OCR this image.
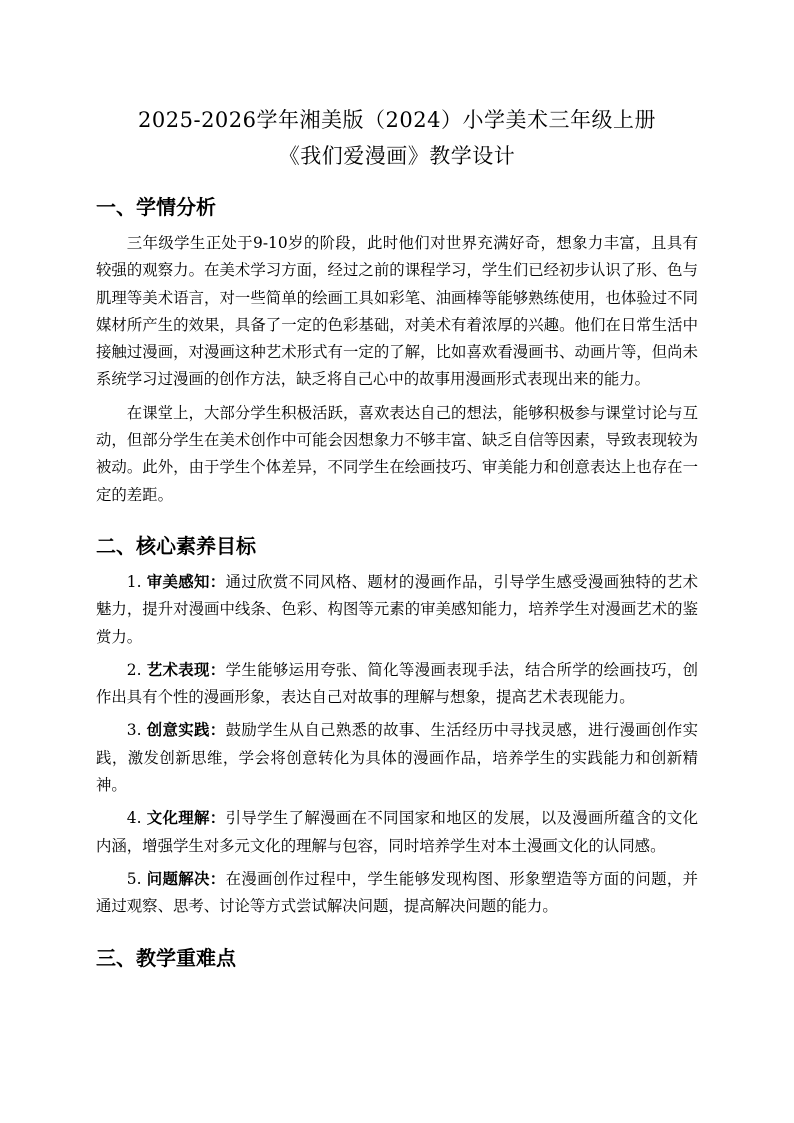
2025-2026学年湘美版（2024）小学美术三年级上册
《我们爱漫画》教学设计
一、学情分析

三年级学生正处于9-10岁的阶段，此时他们对世界充满好奇，想象力丰富，且具有较强的观察力。在美术学习方面，经过之前的课程学习，学生们已经初步认识了形、色与肌理等美术语言，对一些简单的绘画工具如彩笔、油画棒等能够熟练使用，也体验过不同媒材所产生的效果，具备了一定的色彩基础，对美术有着浓厚的兴趣。他们在日常生活中接触过漫画，对漫画这种艺术形式有一定的了解，比如喜欢看漫画书、动画片等，但尚未系统学习过漫画的创作方法，缺乏将自己心中的故事用漫画形式表现出来的能力。

在课堂上，大部分学生积极活跃，喜欢表达自己的想法，能够积极参与课堂讨论与互动，但部分学生在美术创作中可能会因想象力不够丰富、缺乏自信等因素，导致表现较为被动。此外，由于学生个体差异，不同学生在绘画技巧、审美能力和创意表达上也存在一定的差距。

二、核心素养目标

1. 审美感知：通过欣赏不同风格、题材的漫画作品，引导学生感受漫画独特的艺术魅力，提升对漫画中线条、色彩、构图等元素的审美感知能力，培养学生对漫画艺术的鉴赏力。

2. 艺术表现：学生能够运用夸张、简化等漫画表现手法，结合所学的绘画技巧，创作出具有个性的漫画形象，表达自己对故事的理解与想象，提高艺术表现能力。

3. 创意实践：鼓励学生从自己熟悉的故事、生活经历中寻找灵感，进行漫画创作实践，激发创新思维，学会将创意转化为具体的漫画作品，培养学生的实践能力和创新精神。

4. 文化理解：引导学生了解漫画在不同国家和地区的发展，以及漫画所蕴含的文化内涵，增强学生对多元文化的理解与包容，同时培养学生对本土漫画文化的认同感。

5. 问题解决：在漫画创作过程中，学生能够发现构图、形象塑造等方面的问题，并通过观察、思考、讨论等方式尝试解决问题，提高解决问题的能力。

三、教学重难点
